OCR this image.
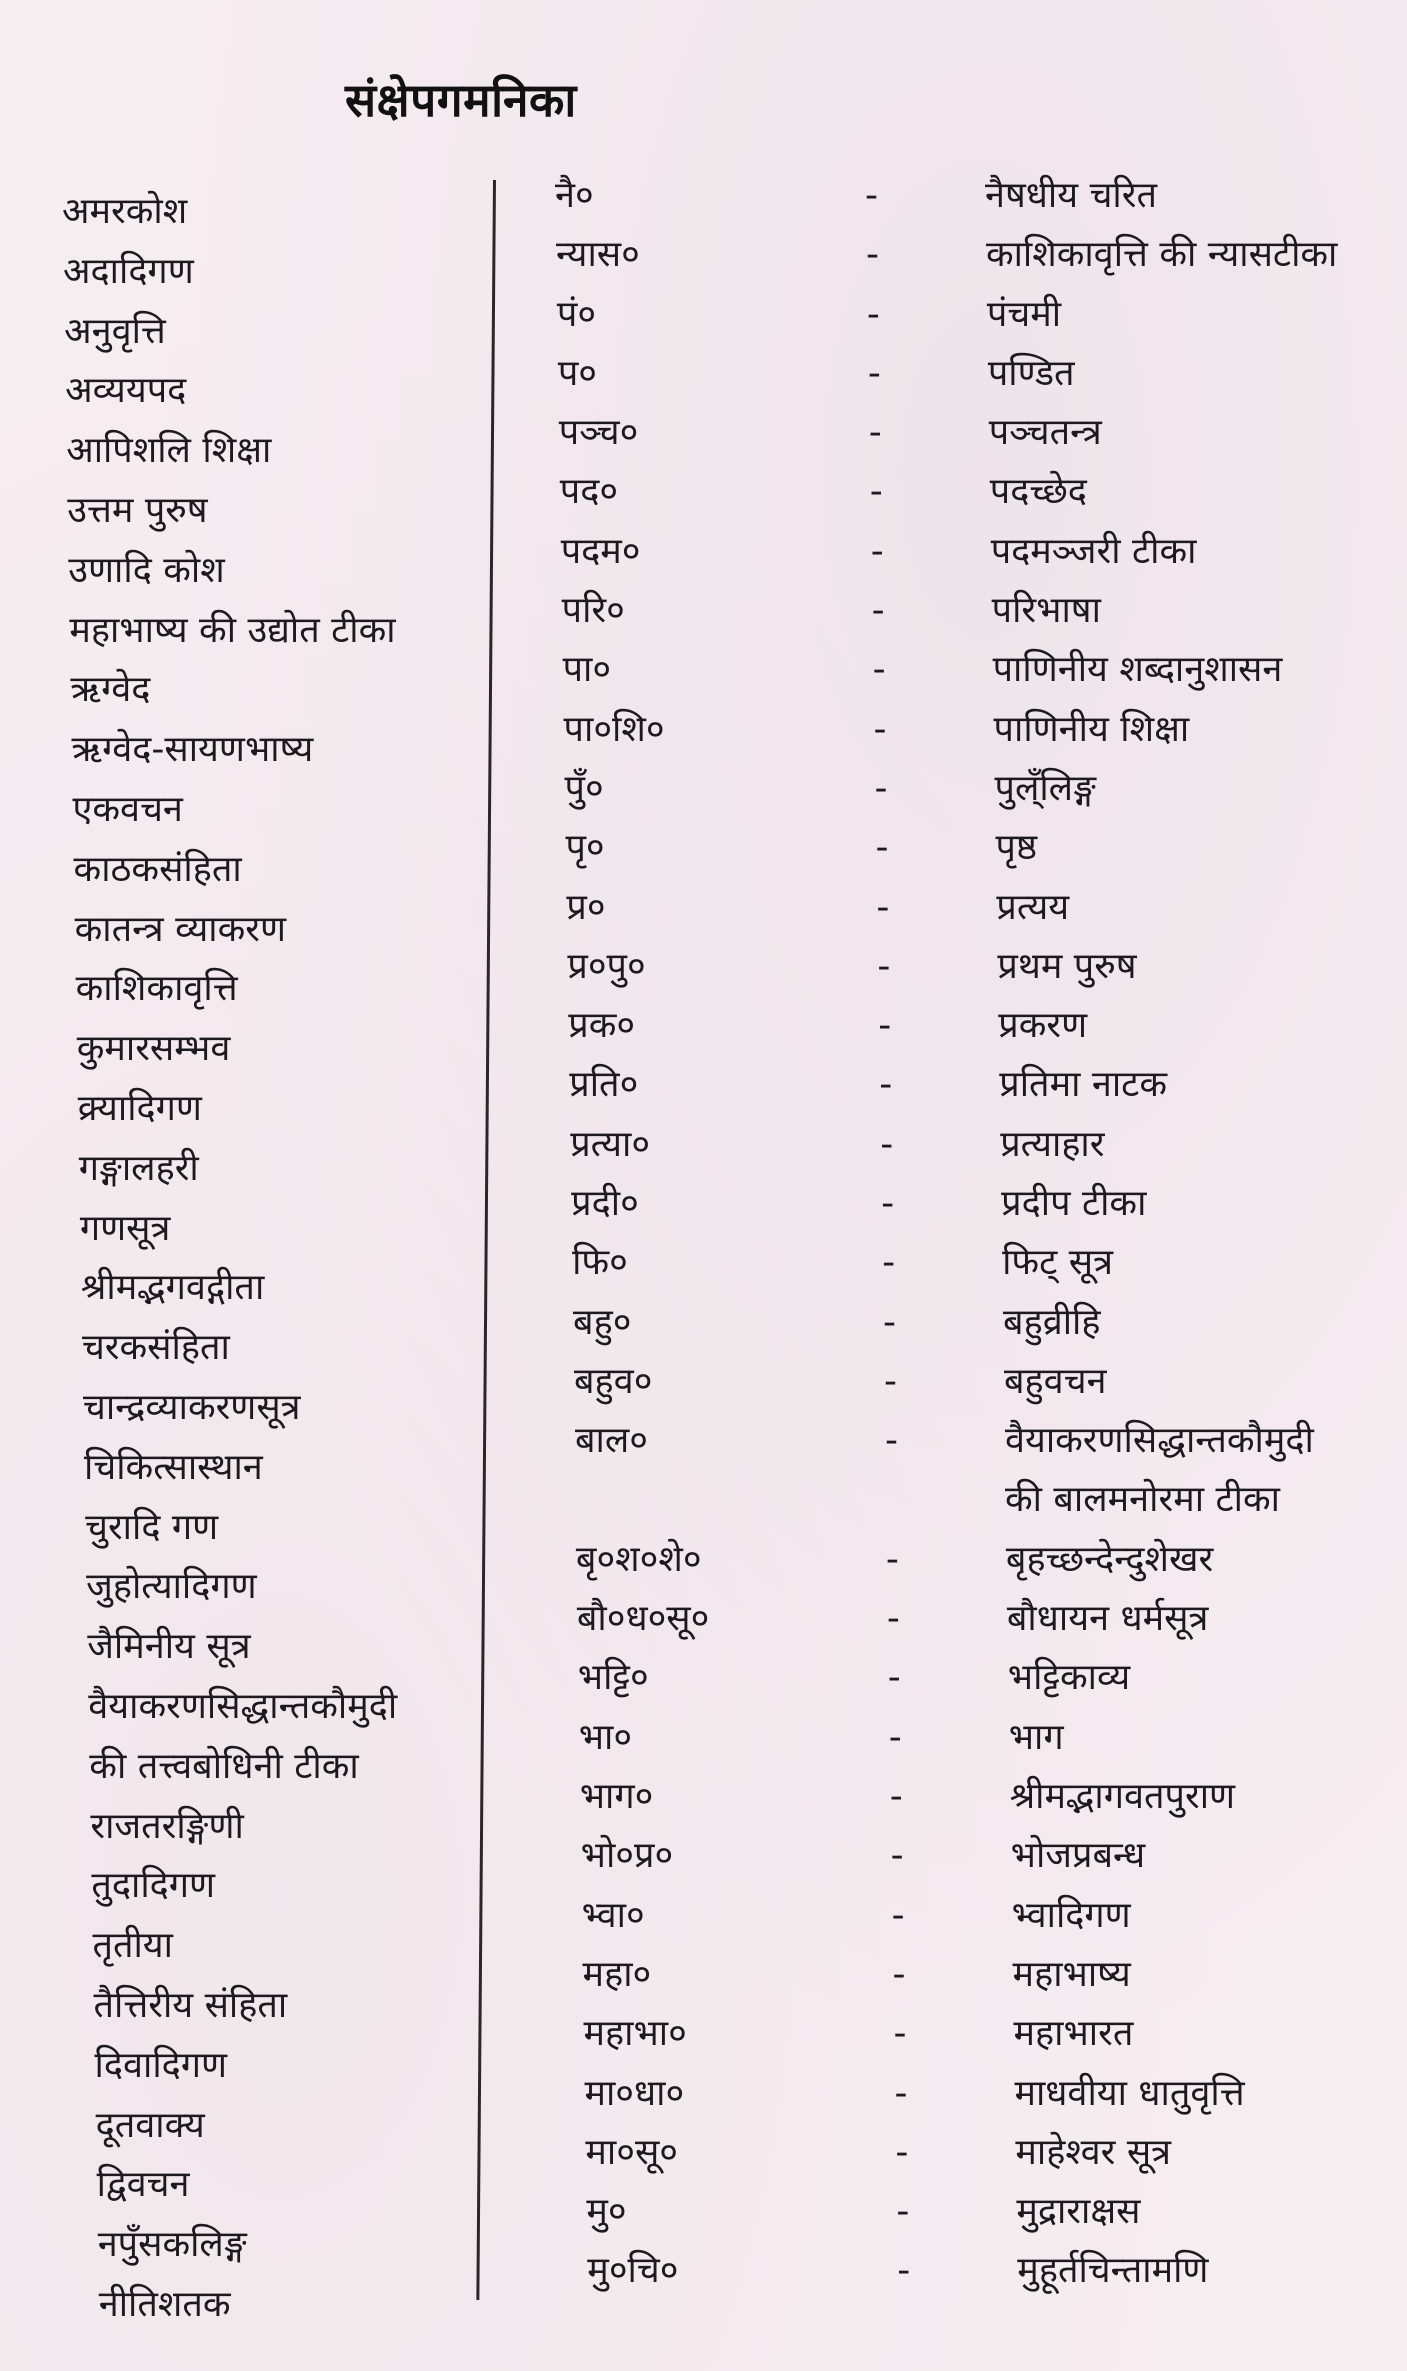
संक्षेपगमनिका
अमरकोश
अदादिगण
अनुवृत्ति
अव्ययपद
आपिशलि शिक्षा
उत्तम पुरुष
उणादि कोश
महाभाष्य की उद्योत टीका
ऋग्वेद
ऋग्वेद-सायणभाष्य
एकवचन
काठकसंहिता
कातन्त्र व्याकरण
काशिकावृत्ति
कुमारसम्भव
क्र्यादिगण
गङ्गालहरी
गणसूत्र
श्रीमद्भगवद्गीता
चरकसंहिता
चान्द्रव्याकरणसूत्र
चिकित्सास्थान
चुरादि गण
जुहोत्यादिगण
जैमिनीय सूत्र
वैयाकरणसिद्धान्तकौमुदी
की तत्त्वबोधिनी टीका
राजतरङ्गिणी
तुदादिगण
तृतीया
तैत्तिरीय संहिता
दिवादिगण
दूतवाक्य
द्विवचन
नपुँसकलिङ्ग
नीतिशतक
नै०	-	नैषधीय चरित
न्यास०	-	काशिकावृत्ति की न्यासटीका
पं०	-	पंचमी
प०	-	पण्डित
पञ्च०	-	पञ्चतन्त्र
पद०	-	पदच्छेद
पदम०	-	पदमञ्जरी टीका
परि०	-	परिभाषा
पा०	-	पाणिनीय शब्दानुशासन
पा०शि०	-	पाणिनीय शिक्षा
पुँ०	-	पुल्ँलिङ्ग
पृ०	-	पृष्ठ
प्र०	-	प्रत्यय
प्र०पु०	-	प्रथम पुरुष
प्रक०	-	प्रकरण
प्रति०	-	प्रतिमा नाटक
प्रत्या०	-	प्रत्याहार
प्रदी०	-	प्रदीप टीका
फि०	-	फिट् सूत्र
बहु०	-	बहुव्रीहि
बहुव०	-	बहुवचन
बाल०	-	वैयाकरणसिद्धान्तकौमुदी
की बालमनोरमा टीका
बृ०श०शे०	-	बृहच्छन्देन्दुशेखर
बौ०ध०सू०	-	बौधायन धर्मसूत्र
भट्टि०	-	भट्टिकाव्य
भा०	-	भाग
भाग०	-	श्रीमद्भागवतपुराण
भो०प्र०	-	भोजप्रबन्ध
भ्वा०	-	भ्वादिगण
महा०	-	महाभाष्य
महाभा०	-	महाभारत
मा०धा०	-	माधवीया धातुवृत्ति
मा०सू०	-	माहेश्वर सूत्र
मु०	-	मुद्राराक्षस
मु०चि०	-	मुहूर्तचिन्तामणि
